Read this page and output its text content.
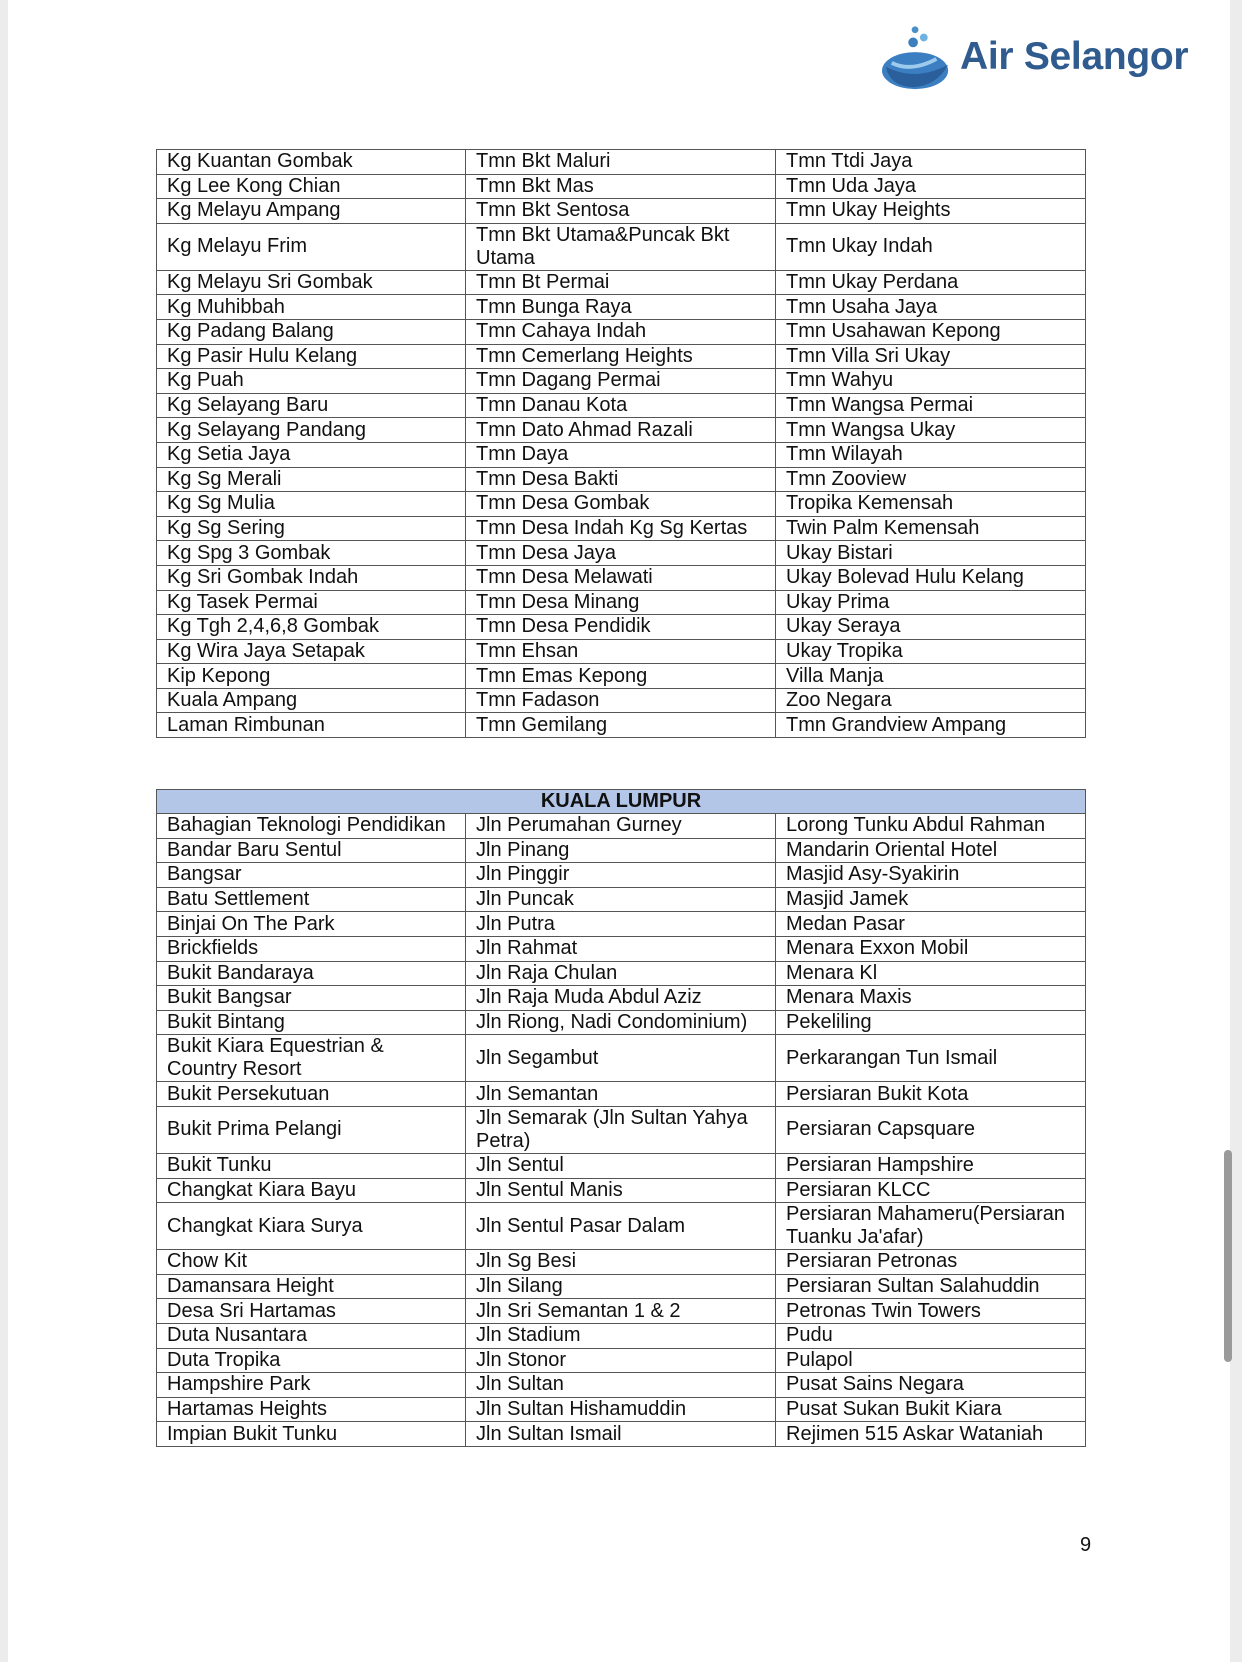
Air Selangor
Kg Kuantan Gombak	Tmn Bkt Maluri	Tmn Ttdi Jaya
Kg Lee Kong Chian	Tmn Bkt Mas	Tmn Uda Jaya
Kg Melayu Ampang	Tmn Bkt Sentosa	Tmn Ukay Heights
Kg Melayu Frim	Tmn Bkt Utama&Puncak Bkt Utama	Tmn Ukay Indah
Kg Melayu Sri Gombak	Tmn Bt Permai	Tmn Ukay Perdana
Kg Muhibbah	Tmn Bunga Raya	Tmn Usaha Jaya
Kg Padang Balang	Tmn Cahaya Indah	Tmn Usahawan Kepong
Kg Pasir Hulu Kelang	Tmn Cemerlang Heights	Tmn Villa Sri Ukay
Kg Puah	Tmn Dagang Permai	Tmn Wahyu
Kg Selayang Baru	Tmn Danau Kota	Tmn Wangsa Permai
Kg Selayang Pandang	Tmn Dato Ahmad Razali	Tmn Wangsa Ukay
Kg Setia Jaya	Tmn Daya	Tmn Wilayah
Kg Sg Merali	Tmn Desa Bakti	Tmn Zooview
Kg Sg Mulia	Tmn Desa Gombak	Tropika Kemensah
Kg Sg Sering	Tmn Desa Indah Kg Sg Kertas	Twin Palm Kemensah
Kg Spg 3 Gombak	Tmn Desa Jaya	Ukay Bistari
Kg Sri Gombak Indah	Tmn Desa Melawati	Ukay Bolevad Hulu Kelang
Kg Tasek Permai	Tmn Desa Minang	Ukay Prima
Kg Tgh 2,4,6,8 Gombak	Tmn Desa Pendidik	Ukay Seraya
Kg Wira Jaya Setapak	Tmn Ehsan	Ukay Tropika
Kip Kepong	Tmn Emas Kepong	Villa Manja
Kuala Ampang	Tmn Fadason	Zoo Negara
Laman Rimbunan	Tmn Gemilang	Tmn Grandview Ampang
KUALA LUMPUR		
Bahagian Teknologi Pendidikan	Jln Perumahan Gurney	Lorong Tunku Abdul Rahman
Bandar Baru Sentul	Jln Pinang	Mandarin Oriental Hotel
Bangsar	Jln Pinggir	Masjid Asy-Syakirin
Batu Settlement	Jln Puncak	Masjid Jamek
Binjai On The Park	Jln Putra	Medan Pasar
Brickfields	Jln Rahmat	Menara Exxon Mobil
Bukit Bandaraya	Jln Raja Chulan	Menara Kl
Bukit Bangsar	Jln Raja Muda Abdul Aziz	Menara Maxis
Bukit Bintang	Jln Riong, Nadi Condominium)	Pekeliling
Bukit Kiara Equestrian & Country Resort	Jln Segambut	Perkarangan Tun Ismail
Bukit Persekutuan	Jln Semantan	Persiaran Bukit Kota
Bukit Prima Pelangi	Jln Semarak (Jln Sultan Yahya Petra)	Persiaran Capsquare
Bukit Tunku	Jln Sentul	Persiaran Hampshire
Changkat Kiara Bayu	Jln Sentul Manis	Persiaran KLCC
Changkat Kiara Surya	Jln Sentul Pasar Dalam	Persiaran Mahameru(Persiaran Tuanku Ja'afar)
Chow Kit	Jln Sg Besi	Persiaran Petronas
Damansara Height	Jln Silang	Persiaran Sultan Salahuddin
Desa Sri Hartamas	Jln Sri Semantan 1 & 2	Petronas Twin Towers
Duta Nusantara	Jln Stadium	Pudu
Duta Tropika	Jln Stonor	Pulapol
Hampshire Park	Jln Sultan	Pusat Sains Negara
Hartamas Heights	Jln Sultan Hishamuddin	Pusat Sukan Bukit Kiara
Impian Bukit Tunku	Jln Sultan Ismail	Rejimen 515 Askar Wataniah
9
